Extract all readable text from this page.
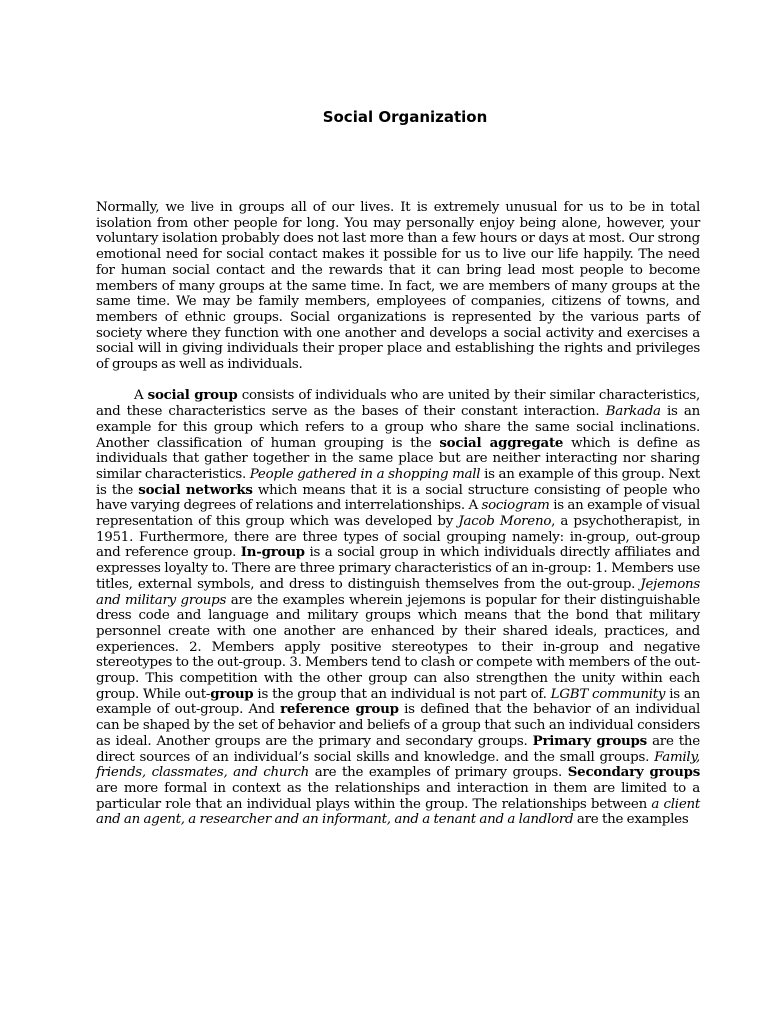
Social Organization

Normally, we live in groups all of our lives. It is extremely unusual for us to be in total isolation from other people for long. You may personally enjoy being alone, however, your voluntary isolation probably does not last more than a few hours or days at most. Our strong emotional need for social contact makes it possible for us to live our life happily. The need for human social contact and the rewards that it can bring lead most people to become members of many groups at the same time. In fact, we are members of many groups at the same time. We may be family members, employees of companies, citizens of towns, and members of ethnic groups. Social organizations is represented by the various parts of society where they function with one another and develops a social activity and exercises a social will in giving individuals their proper place and establishing the rights and privileges of groups as well as individuals.

A social group consists of individuals who are united by their similar characteristics, and these characteristics serve as the bases of their constant interaction. Barkada is an example for this group which refers to a group who share the same social inclinations. Another classification of human grouping is the social aggregate which is define as individuals that gather together in the same place but are neither interacting nor sharing similar characteristics. People gathered in a shopping mall is an example of this group. Next is the social networks which means that it is a social structure consisting of people who have varying degrees of relations and interrelationships. A sociogram is an example of visual representation of this group which was developed by Jacob Moreno, a psychotherapist, in 1951. Furthermore, there are three types of social grouping namely: in-group, out-group and reference group. In-group is a social group in which individuals directly affiliates and expresses loyalty to. There are three primary characteristics of an in-group: 1. Members use titles, external symbols, and dress to distinguish themselves from the out-group. Jejemons and military groups are the examples wherein jejemons is popular for their distinguishable dress code and language and military groups which means that the bond that military personnel create with one another are enhanced by their shared ideals, practices, and experiences. 2. Members apply positive stereotypes to their in-group and negative stereotypes to the out-group. 3. Members tend to clash or compete with members of the out-group. This competition with the other group can also strengthen the unity within each group. While out-group is the group that an individual is not part of. LGBT community is an example of out-group. And reference group is defined that the behavior of an individual can be shaped by the set of behavior and beliefs of a group that such an individual considers as ideal. Another groups are the primary and secondary groups. Primary groups are the direct sources of an individual’s social skills and knowledge. and the small groups. Family, friends, classmates, and church are the examples of primary groups. Secondary groups are more formal in context as the relationships and interaction in them are limited to a particular role that an individual plays within the group. The relationships between a client and an agent, a researcher and an informant, and a tenant and a landlord are the examples
